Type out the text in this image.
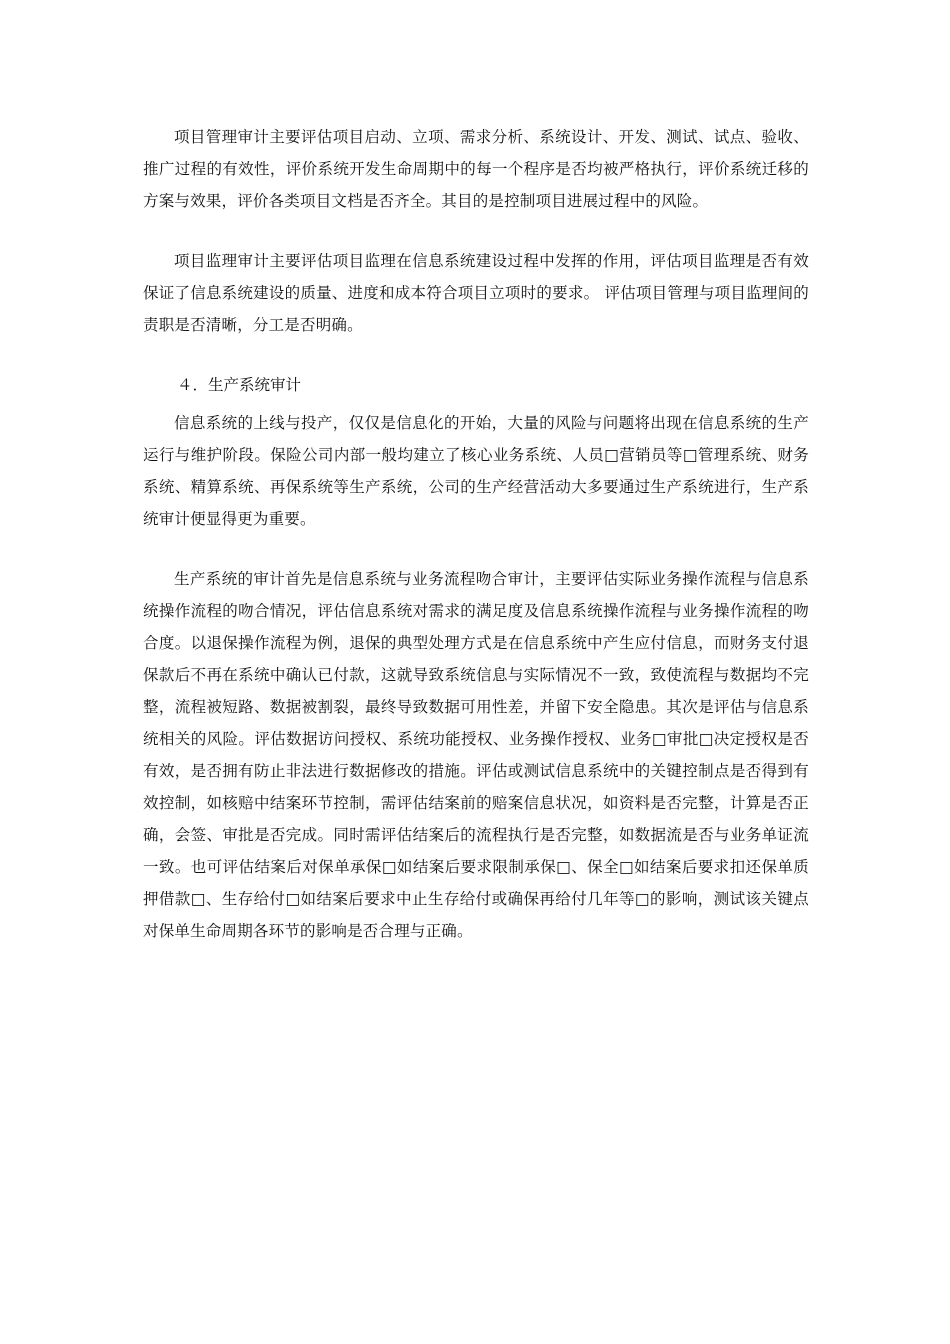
项目管理审计主要评估项目启动、立项、需求分析、系统设计、开发、测试、试点、验收、推广过程的有效性，评价系统开发生命周期中的每一个程序是否均被严格执行，评价系统迁移的方案与效果，评价各类项目文档是否齐全。其目的是控制项目进展过程中的风险。

项目监理审计主要评估项目监理在信息系统建设过程中发挥的作用，评估项目监理是否有效保证了信息系统建设的质量、进度和成本符合项目立项时的要求。 评估项目管理与项目监理间的责职是否清晰，分工是否明确。

４．生产系统审计

信息系统的上线与投产，仅仅是信息化的开始，大量的风险与问题将出现在信息系统的生产运行与维护阶段。保险公司内部一般均建立了核心业务系统、人员□营销员等□管理系统、财务系统、精算系统、再保系统等生产系统，公司的生产经营活动大多要通过生产系统进行，生产系统审计便显得更为重要。

生产系统的审计首先是信息系统与业务流程吻合审计，主要评估实际业务操作流程与信息系统操作流程的吻合情况，评估信息系统对需求的满足度及信息系统操作流程与业务操作流程的吻合度。以退保操作流程为例，退保的典型处理方式是在信息系统中产生应付信息，而财务支付退保款后不再在系统中确认已付款，这就导致系统信息与实际情况不一致，致使流程与数据均不完整，流程被短路、数据被割裂，最终导致数据可用性差，并留下安全隐患。其次是评估与信息系统相关的风险。评估数据访问授权、系统功能授权、业务操作授权、业务□审批□决定授权是否有效，是否拥有防止非法进行数据修改的措施。评估或测试信息系统中的关键控制点是否得到有效控制，如核赔中结案环节控制，需评估结案前的赔案信息状况，如资料是否完整，计算是否正确，会签、审批是否完成。同时需评估结案后的流程执行是否完整，如数据流是否与业务单证流一致。也可评估结案后对保单承保□如结案后要求限制承保□、保全□如结案后要求扣还保单质押借款□、生存给付□如结案后要求中止生存给付或确保再给付几年等□的影响，测试该关键点对保单生命周期各环节的影响是否合理与正确。
